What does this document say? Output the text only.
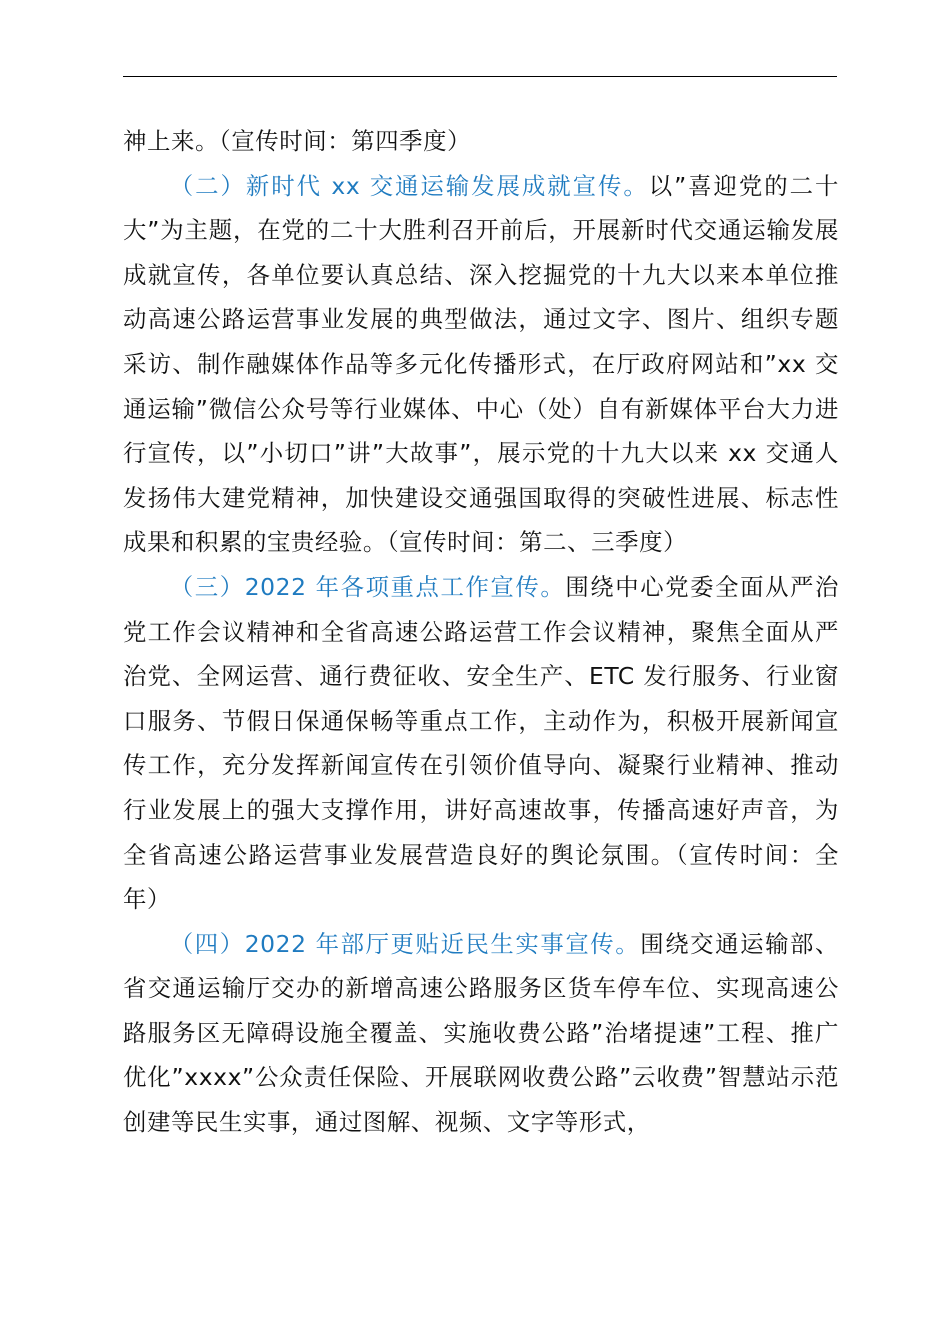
神上来。（宣传时间：第四季度）

（二）新时代 xx 交通运输发展成就宣传。以”喜迎党的二十大”为主题，在党的二十大胜利召开前后，开展新时代交通运输发展成就宣传，各单位要认真总结、深入挖掘党的十九大以来本单位推动高速公路运营事业发展的典型做法，通过文字、图片、组织专题采访、制作融媒体作品等多元化传播形式，在厅政府网站和”xx 交通运输”微信公众号等行业媒体、中心（处）自有新媒体平台大力进行宣传，以”小切口”讲”大故事”，展示党的十九大以来 xx 交通人发扬伟大建党精神，加快建设交通强国取得的突破性进展、标志性成果和积累的宝贵经验。（宣传时间：第二、三季度）

（三）2022 年各项重点工作宣传。围绕中心党委全面从严治党工作会议精神和全省高速公路运营工作会议精神，聚焦全面从严治党、全网运营、通行费征收、安全生产、ETC 发行服务、行业窗口服务、节假日保通保畅等重点工作，主动作为，积极开展新闻宣传工作，充分发挥新闻宣传在引领价值导向、凝聚行业精神、推动行业发展上的强大支撑作用，讲好高速故事，传播高速好声音，为全省高速公路运营事业发展营造良好的舆论氛围。（宣传时间：全年）

（四）2022 年部厅更贴近民生实事宣传。围绕交通运输部、省交通运输厅交办的新增高速公路服务区货车停车位、实现高速公路服务区无障碍设施全覆盖、实施收费公路”治堵提速”工程、推广优化”xxxx”公众责任保险、开展联网收费公路”云收费”智慧站示范创建等民生实事，通过图解、视频、文字等形式，
